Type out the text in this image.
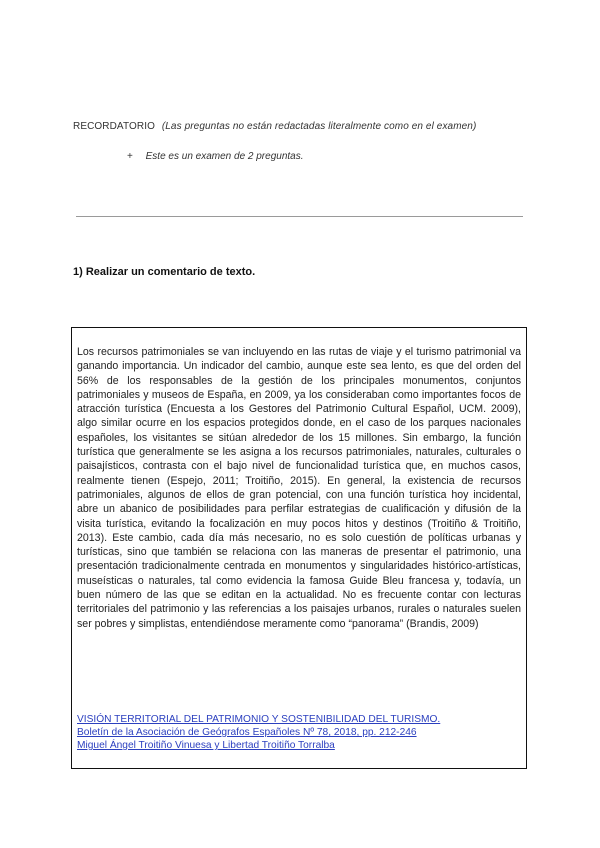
RECORDATORIO (Las preguntas no están redactadas literalmente como en el examen)
+ Este es un examen de 2 preguntas.
1) Realizar un comentario de texto.

Los recursos patrimoniales se van incluyendo en las rutas de viaje y el turismo patrimonial va ganando importancia. Un indicador del cambio, aunque este sea lento, es que del orden del 56% de los responsables de la gestión de los principales monumentos, conjuntos patrimoniales y museos de España, en 2009, ya los consideraban como importantes focos de atracción turística (Encuesta a los Gestores del Patrimonio Cultural Español, UCM. 2009), algo similar ocurre en los espacios protegidos donde, en el caso de los parques nacionales españoles, los visitantes se sitúan alrededor de los 15 millones. Sin embargo, la función turística que generalmente se les asigna a los recursos patrimoniales, naturales, culturales o paisajísticos, contrasta con el bajo nivel de funcionalidad turística que, en muchos casos, realmente tienen (Espejo, 2011; Troitiño, 2015). En general, la existencia de recursos patrimoniales, algunos de ellos de gran potencial, con una función turística hoy incidental, abre un abanico de posibilidades para perfilar estrategias de cualificación y difusión de la visita turística, evitando la focalización en muy pocos hitos y destinos (Troitiño & Troitiño, 2013). Este cambio, cada día más necesario, no es solo cuestión de políticas urbanas y turísticas, sino que también se relaciona con las maneras de presentar el patrimonio, una presentación tradicionalmente centrada en monumentos y singularidades histórico-artísticas, museísticas o naturales, tal como evidencia la famosa Guide Bleu francesa y, todavía, un buen número de las que se editan en la actualidad. No es frecuente contar con lecturas territoriales del patrimonio y las referencias a los paisajes urbanos, rurales o naturales suelen ser pobres y simplistas, entendiéndose meramente como “panorama” (Brandis, 2009)

VISIÓN TERRITORIAL DEL PATRIMONIO Y SOSTENIBILIDAD DEL TURISMO.
Boletín de la Asociación de Geógrafos Españoles Nº 78, 2018, pp. 212-246
Miguel Ángel Troitiño Vinuesa y Libertad Troitiño Torralba
